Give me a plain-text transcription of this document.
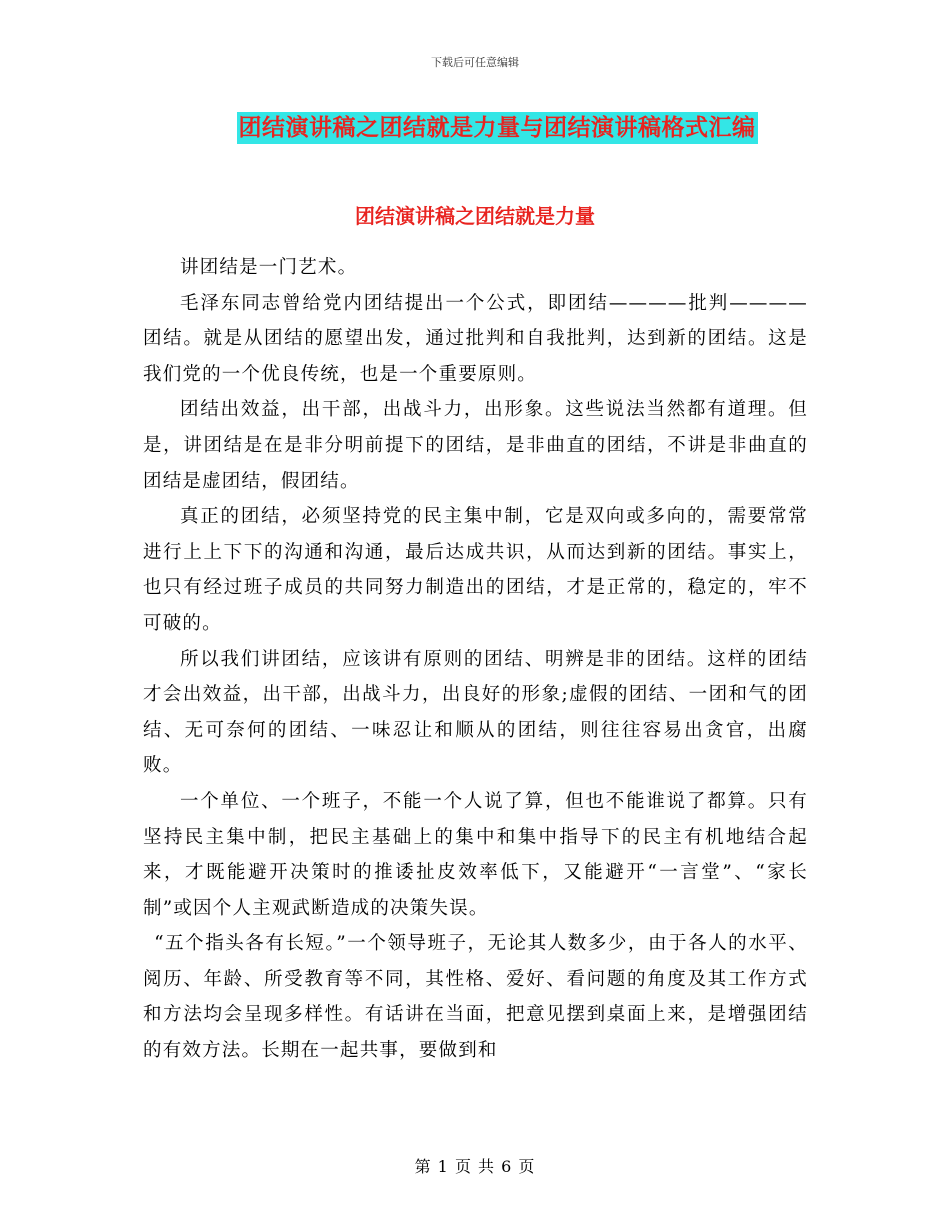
下载后可任意编辑
团结演讲稿之团结就是力量与团结演讲稿格式汇编
团结演讲稿之团结就是力量

讲团结是一门艺术。

毛泽东同志曾给党内团结提出一个公式，即团结————批判————团结。就是从团结的愿望出发，通过批判和自我批判，达到新的团结。这是我们党的一个优良传统，也是一个重要原则。

团结出效益，出干部，出战斗力，出形象。这些说法当然都有道理。但是，讲团结是在是非分明前提下的团结，是非曲直的团结，不讲是非曲直的团结是虚团结，假团结。

真正的团结，必须坚持党的民主集中制，它是双向或多向的，需要常常进行上上下下的沟通和沟通，最后达成共识，从而达到新的团结。事实上，也只有经过班子成员的共同努力制造出的团结，才是正常的，稳定的，牢不可破的。

所以我们讲团结，应该讲有原则的团结、明辨是非的团结。这样的团结才会出效益，出干部，出战斗力，出良好的形象;虚假的团结、一团和气的团结、无可奈何的团结、一味忍让和顺从的团结，则往往容易出贪官，出腐败。

一个单位、一个班子，不能一个人说了算，但也不能谁说了都算。只有坚持民主集中制，把民主基础上的集中和集中指导下的民主有机地结合起来，才既能避开决策时的推诿扯皮效率低下，又能避开“一言堂”、“家长制”或因个人主观武断造成的决策失误。

“五个指头各有长短。”一个领导班子，无论其人数多少，由于各人的水平、阅历、年龄、所受教育等不同，其性格、爱好、看问题的角度及其工作方式和方法均会呈现多样性。有话讲在当面，把意见摆到桌面上来，是增强团结的有效方法。长期在一起共事，要做到和

第 1 页 共 6 页
